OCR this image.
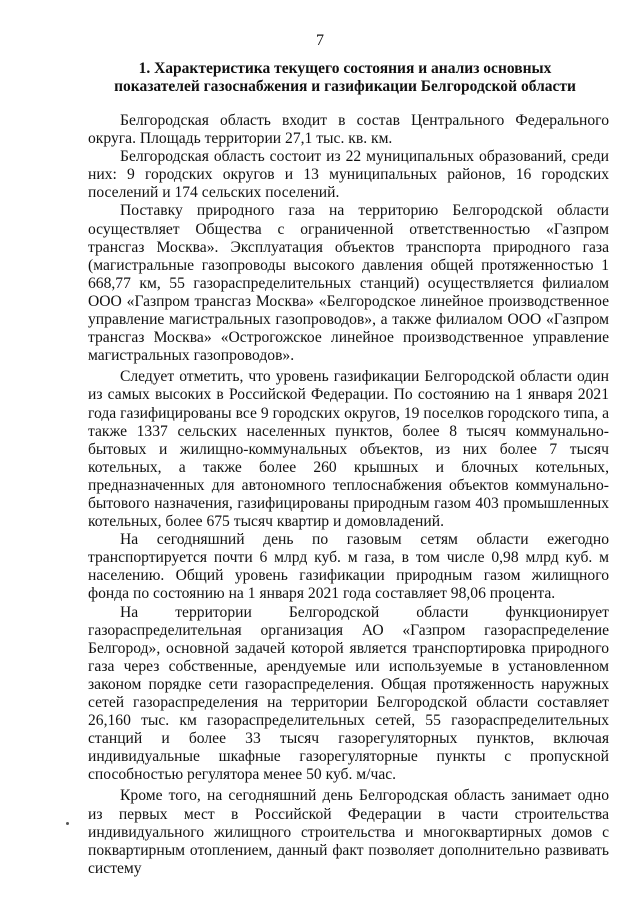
7
1. Характеристика текущего состояния и анализ основных
показателей газоснабжения и газификации Белгородской области

Белгородская область входит в состав Центрального Федерального округа. Площадь территории 27,1 тыс. кв. км.

Белгородская область состоит из 22 муниципальных образований, среди них: 9 городских округов и 13 муниципальных районов, 16 городских поселений и 174 сельских поселений.

Поставку природного газа на территорию Белгородской области осуществляет Общества с ограниченной ответственностью «Газпром трансгаз Москва». Эксплуатация объектов транспорта природного газа (магистральные газопроводы высокого давления общей протяженностью 1 668,77 км, 55 газораспределительных станций) осуществляется филиалом ООО «Газпром трансгаз Москва» «Белгородское линейное производственное управление магистральных газопроводов», а также филиалом ООО «Газпром трансгаз Москва» «Острогожское линейное производственное управление магистральных газопроводов».

Следует отметить, что уровень газификации Белгородской области один из самых высоких в Российской Федерации. По состоянию на 1 января 2021 года газифицированы все 9 городских округов, 19 поселков городского типа, а также 1337 сельских населенных пунктов, более 8 тысяч коммунально-бытовых и жилищно-коммунальных объектов, из них более 7 тысяч котельных, а также более 260 крышных и блочных котельных, предназначенных для автономного теплоснабжения объектов коммунально-бытового назначения, газифицированы природным газом 403 промышленных котельных, более 675 тысяч квартир и домовладений.

На сегодняшний день по газовым сетям области ежегодно транспортируется почти 6 млрд куб. м газа, в том числе 0,98 млрд куб. м населению. Общий уровень газификации природным газом жилищного фонда по состоянию на 1 января 2021 года составляет 98,06 процента.

На территории Белгородской области функционирует газораспределительная организация АО «Газпром газораспределение Белгород», основной задачей которой является транспортировка природного газа через собственные, арендуемые или используемые в установленном законом порядке сети газораспределения. Общая протяженность наружных сетей газораспределения на территории Белгородской области составляет 26,160 тыс. км газораспределительных сетей, 55 газораспределительных станций и более 33 тысяч газорегуляторных пунктов, включая индивидуальные шкафные газорегуляторные пункты с пропускной способностью регулятора менее 50 куб. м/час.

Кроме того, на сегодняшний день Белгородская область занимает одно из первых мест в Российской Федерации в части строительства индивидуального жилищного строительства и многоквартирных домов с поквартирным отоплением, данный факт позволяет дополнительно развивать систему
